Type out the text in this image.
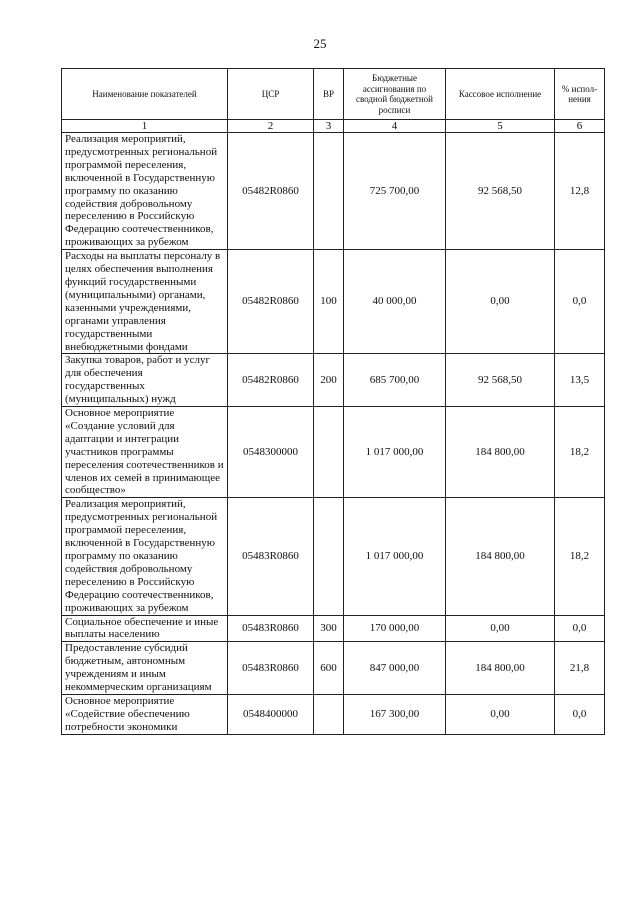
25
Наименование показателей	ЦСР	ВР	Бюджетные ассигнования по сводной бюджетной росписи	Кассовое исполнение	% испол-нения
1	2	3	4	5	6
Реализация мероприятий, предусмотренных региональной программой переселения, включенной в Государственную программу по оказанию содействия добровольному переселению в Российскую Федерацию соотечественников, проживающих за рубежом	05482R0860		725 700,00	92 568,50	12,8
Расходы на выплаты персоналу в целях обеспечения выполнения функций государственными (муниципальными) органами, казенными учреждениями, органами управления государственными внебюджетными фондами	05482R0860	100	40 000,00	0,00	0,0
Закупка товаров, работ и услуг для обеспечения государственных (муниципальных) нужд	05482R0860	200	685 700,00	92 568,50	13,5
Основное мероприятие «Создание условий для адаптации и интеграции участников программы переселения соотечественников и членов их семей в принимающее сообщество»	0548300000		1 017 000,00	184 800,00	18,2
Реализация мероприятий, предусмотренных региональной программой переселения, включенной в Государственную программу по оказанию содействия добровольному переселению в Российскую Федерацию соотечественников, проживающих за рубежом	05483R0860		1 017 000,00	184 800,00	18,2
Социальное обеспечение и иные выплаты населению	05483R0860	300	170 000,00	0,00	0,0
Предоставление субсидий бюджетным, автономным учреждениям и иным некоммерческим организациям	05483R0860	600	847 000,00	184 800,00	21,8
Основное мероприятие «Содействие обеспечению потребности экономики	0548400000		167 300,00	0,00	0,0
